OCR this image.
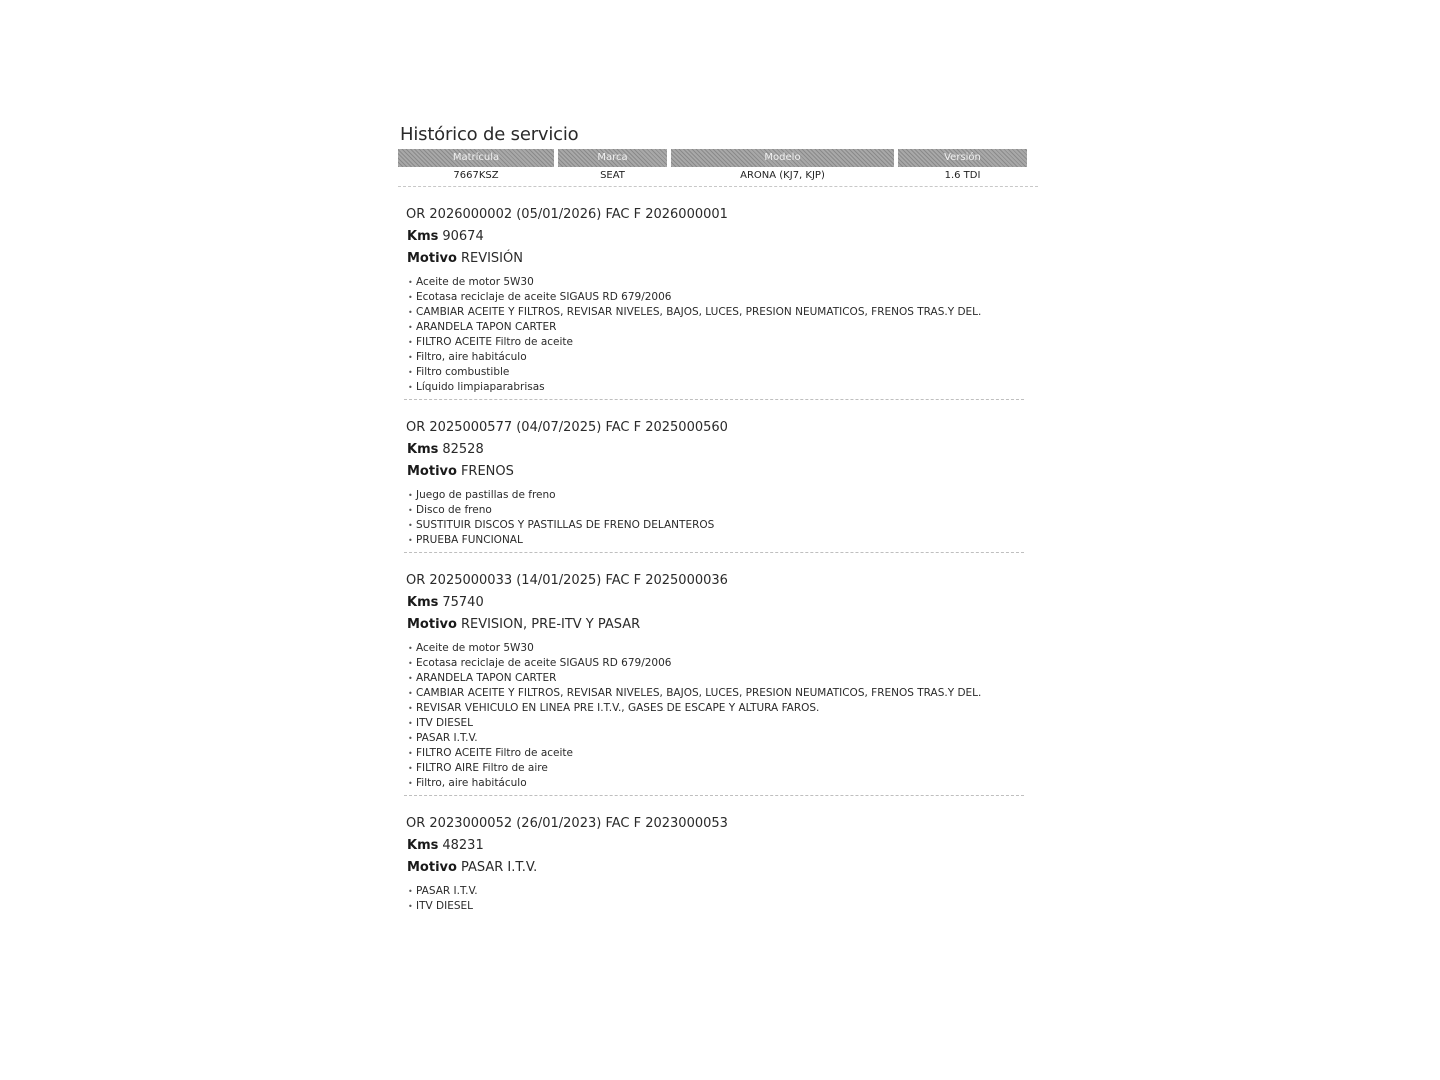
Histórico de servicio
Matrícula	Marca	Modelo	Versión
7667KSZ	SEAT	ARONA (KJ7, KJP)	1.6 TDI
OR 2026000002 (05/01/2026) FAC F 2026000001
Kms 90674
Motivo REVISIÓN
• Aceite de motor 5W30
• Ecotasa reciclaje de aceite SIGAUS RD 679/2006
• CAMBIAR ACEITE Y FILTROS, REVISAR NIVELES, BAJOS, LUCES, PRESION NEUMATICOS, FRENOS TRAS.Y DEL.
• ARANDELA TAPON CARTER
• FILTRO ACEITE Filtro de aceite
• Filtro, aire habitáculo
• Filtro combustible
• Líquido limpiaparabrisas
OR 2025000577 (04/07/2025) FAC F 2025000560
Kms 82528
Motivo FRENOS
• Juego de pastillas de freno
• Disco de freno
• SUSTITUIR DISCOS Y PASTILLAS DE FRENO DELANTEROS
• PRUEBA FUNCIONAL
OR 2025000033 (14/01/2025) FAC F 2025000036
Kms 75740
Motivo REVISION, PRE-ITV Y PASAR
• Aceite de motor 5W30
• Ecotasa reciclaje de aceite SIGAUS RD 679/2006
• ARANDELA TAPON CARTER
• CAMBIAR ACEITE Y FILTROS, REVISAR NIVELES, BAJOS, LUCES, PRESION NEUMATICOS, FRENOS TRAS.Y DEL.
• REVISAR VEHICULO EN LINEA PRE I.T.V., GASES DE ESCAPE Y ALTURA FAROS.
• ITV DIESEL
• PASAR I.T.V.
• FILTRO ACEITE Filtro de aceite
• FILTRO AIRE Filtro de aire
• Filtro, aire habitáculo
OR 2023000052 (26/01/2023) FAC F 2023000053
Kms 48231
Motivo PASAR I.T.V.
• PASAR I.T.V.
• ITV DIESEL
